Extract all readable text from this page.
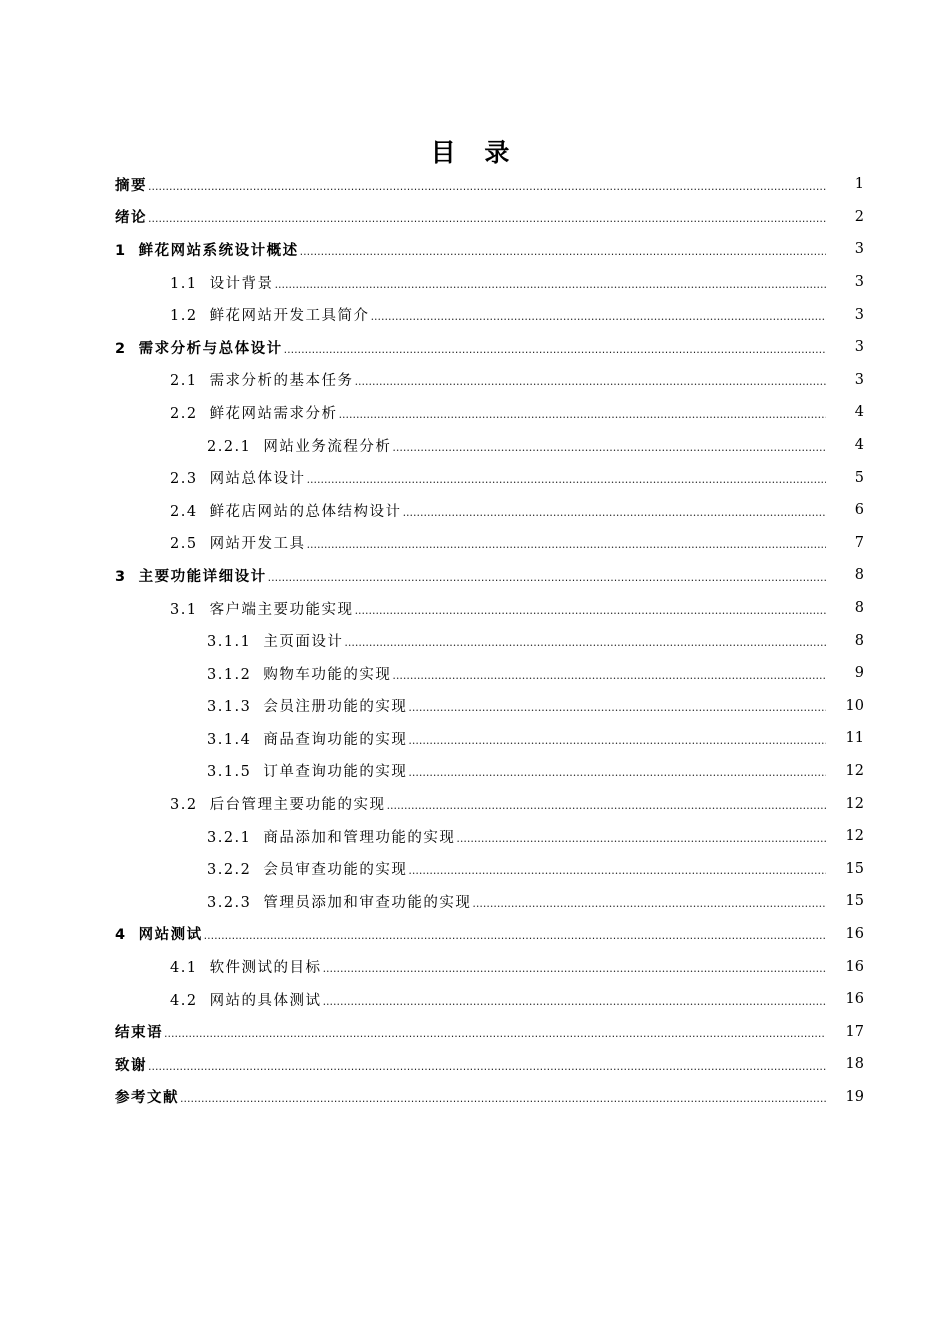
目 录
摘要 .....	1
绪论 .....	2
1 鲜花网站系统设计概述 .....	3
1.1 设计背景 .....	3
1.2 鲜花网站开发工具简介 .....	3
2 需求分析与总体设计 .....	3
2.1 需求分析的基本任务 .....	3
2.2 鲜花网站需求分析 .....	4
2.2.1 网站业务流程分析 .....	4
2.3 网站总体设计 .....	5
2.4 鲜花店网站的总体结构设计 .....	6
2.5 网站开发工具 .....	7
3 主要功能详细设计 .....	8
3.1 客户端主要功能实现 .....	8
3.1.1 主页面设计 .....	8
3.1.2 购物车功能的实现 .....	9
3.1.3 会员注册功能的实现 .....	10
3.1.4 商品查询功能的实现 .....	11
3.1.5 订单查询功能的实现 .....	12
3.2 后台管理主要功能的实现 .....	12
3.2.1 商品添加和管理功能的实现 .....	12
3.2.2 会员审查功能的实现 .....	15
3.2.3 管理员添加和审查功能的实现 .....	15
4 网站测试 .....	16
4.1 软件测试的目标 .....	16
4.2 网站的具体测试 .....	16
结束语 .....	17
致谢 .....	18
参考文献 .....	19
